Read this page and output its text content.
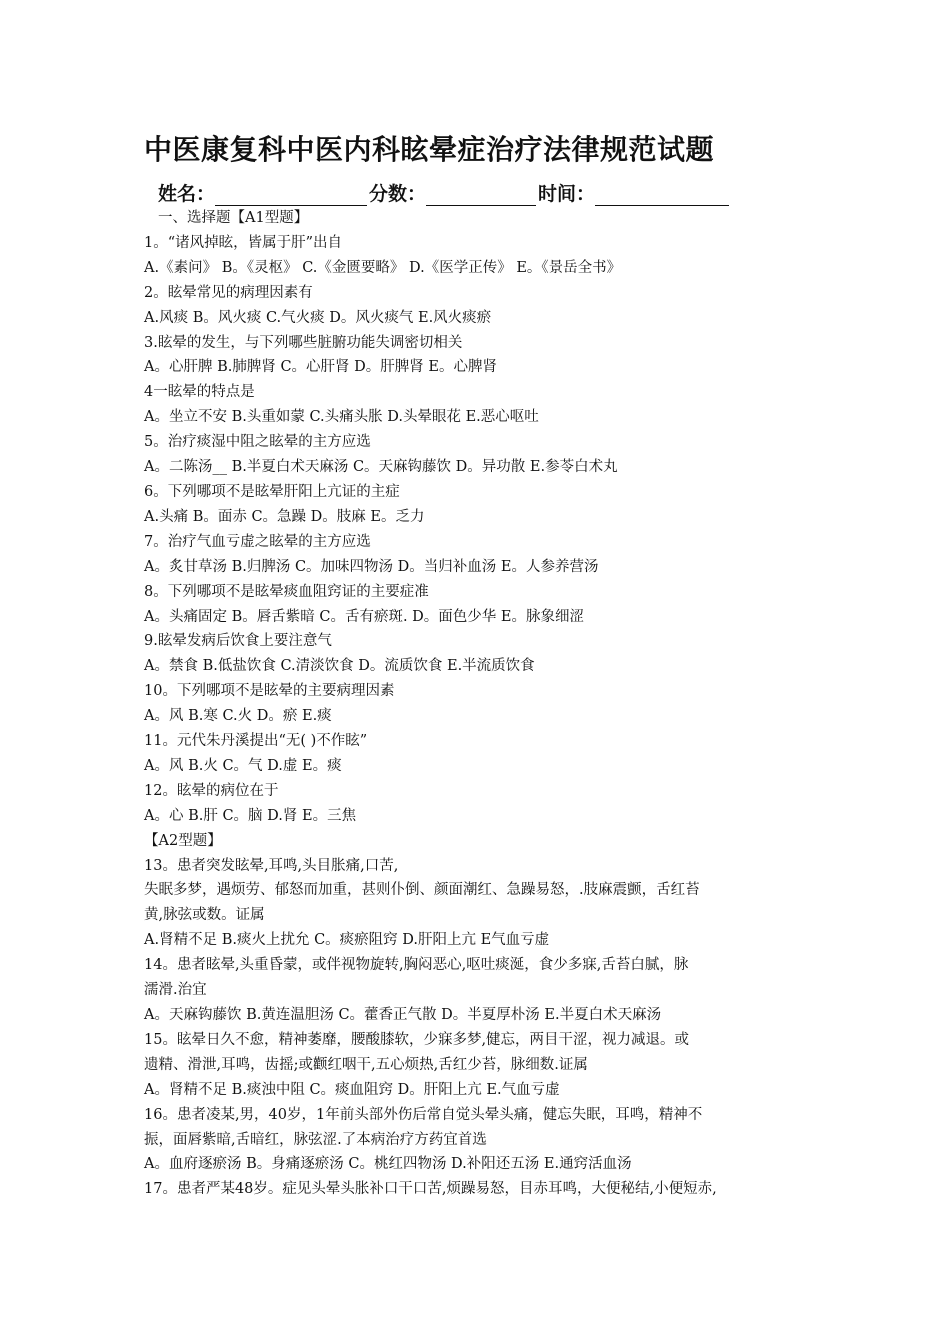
中医康复科中医内科眩晕症治疗法律规范试题
姓名：	分数：	时间：
一、选择题【A1型题】
1。“诸风掉眩，皆属于肝”出自
A.《素问》 B。《灵枢》 C.《金匮要略》 D.《医学正传》 E。《景岳全书》
2。眩晕常见的病理因素有
A.风痰 B。风火痰 C.气火痰 D。风火痰气 E.风火痰瘀
3.眩晕的发生，与下列哪些脏腑功能失调密切相关
A。心肝脾 B.肺脾肾 C。心肝肾 D。肝脾肾 E。心脾肾
4一眩晕的特点是
A。坐立不安 B.头重如蒙 C.头痛头胀 D.头晕眼花 E.恶心呕吐
5。治疗痰湿中阻之眩晕的主方应选
A。二陈汤__ B.半夏白术天麻汤 C。天麻钩藤饮 D。异功散 E.参苓白术丸
6。下列哪项不是眩晕肝阳上亢证的主症
A.头痛 B。面赤 C。急躁 D。肢麻 E。乏力
7。治疗气血亏虚之眩晕的主方应选
A。炙甘草汤 B.归脾汤 C。加味四物汤 D。当归补血汤 E。人参养营汤
8。下列哪项不是眩晕痰血阻窍证的主要症准
A。头痛固定 B。唇舌紫暗 C。舌有瘀斑. D。面色少华 E。脉象细涩
9.眩晕发病后饮食上要注意气
A。禁食 B.低盐饮食 C.清淡饮食 D。流质饮食 E.半流质饮食
10。下列哪项不是眩晕的主要病理因素
A。风 B.寒 C.火 D。瘀 E.痰
11。元代朱丹溪提出“无( )不作眩”
A。风 B.火 C。气 D.虚 E。痰
12。眩晕的病位在于
A。心 B.肝 C。脑 D.肾 E。三焦
【A2型题】
13。患者突发眩晕,耳鸣,头目胀痛,口苦,
失眠多梦，遇烦劳、郁怒而加重，甚则仆倒、颜面潮红、急躁易怒，.肢麻震颤，舌红苔
黄,脉弦或数。证属
A.肾精不足 B.痰火上扰允 C。痰瘀阻窍 D.肝阳上亢 E气血亏虚
14。患者眩晕,头重昏蒙，或伴视物旋转,胸闷恶心,呕吐痰涎，食少多寐,舌苔白腻，脉
濡滑.治宜
A。天麻钩藤饮 B.黄连温胆汤 C。藿香正气散 D。半夏厚朴汤 E.半夏白术天麻汤
15。眩晕日久不愈，精神萎靡，腰酸膝软，少寐多梦,健忘，两目干涩，视力减退。或
遗精、滑泄,耳鸣，齿摇;或颧红咽干,五心烦热,舌红少苔，脉细数.证属
A。肾精不足 B.痰浊中阻 C。痰血阻窍 D。肝阳上亢 E.气血亏虚
16。患者凌某,男，40岁，1年前头部外伤后常自觉头晕头痛，健忘失眠，耳鸣，精神不
振，面唇紫暗,舌暗红，脉弦涩.了本病治疗方药宜首选
A。血府逐瘀汤 B。身痛逐瘀汤 C。桃红四物汤 D.补阳还五汤 E.通窍活血汤
17。患者严某48岁。症见头晕头胀补口干口苦,烦躁易怒，目赤耳鸣，大便秘结,小便短赤,
